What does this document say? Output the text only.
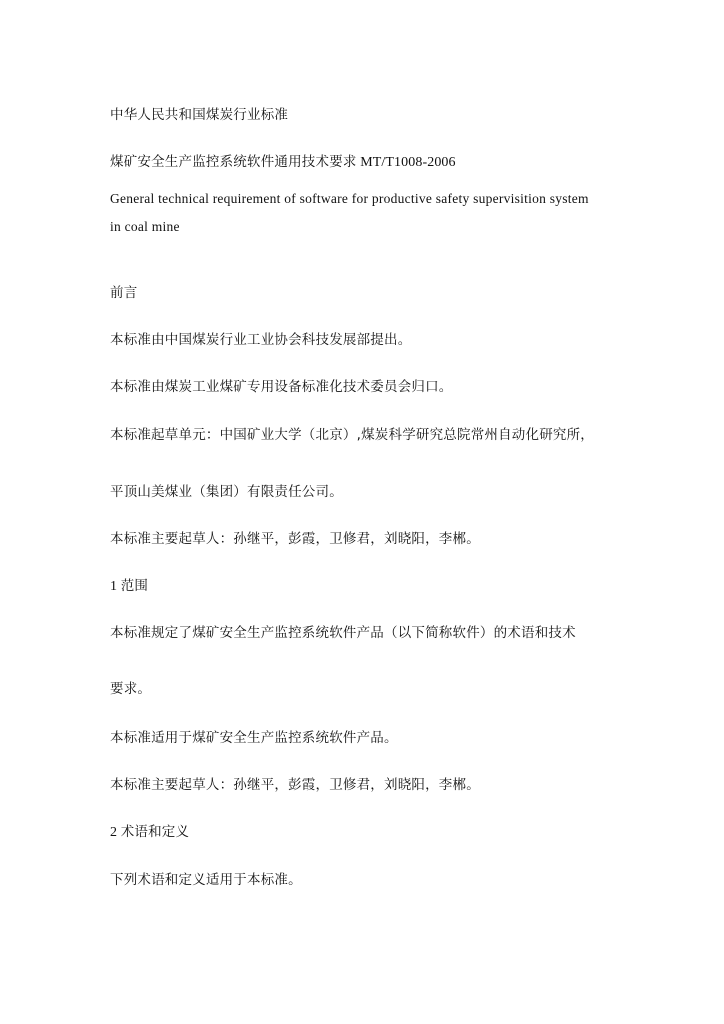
中华人民共和国煤炭行业标准

煤矿安全生产监控系统软件通用技术要求 MT/T1008-2006

General technical requirement of software for productive safety supervisition system

in coal mine

前言

本标准由中国煤炭行业工业协会科技发展部提出。

本标准由煤炭工业煤矿专用设备标准化技术委员会归口。

本标准起草单元：中国矿业大学（北京）,煤炭科学研究总院常州自动化研究所，

平顶山美煤业（集团）有限责任公司。

本标准主要起草人：孙继平，彭霞，卫修君，刘晓阳，李郴。

1 范围

本标准规定了煤矿安全生产监控系统软件产品（以下简称软件）的术语和技术

要求。

本标准适用于煤矿安全生产监控系统软件产品。

本标准主要起草人：孙继平，彭霞，卫修君，刘晓阳，李郴。

2 术语和定义

下列术语和定义适用于本标准。
